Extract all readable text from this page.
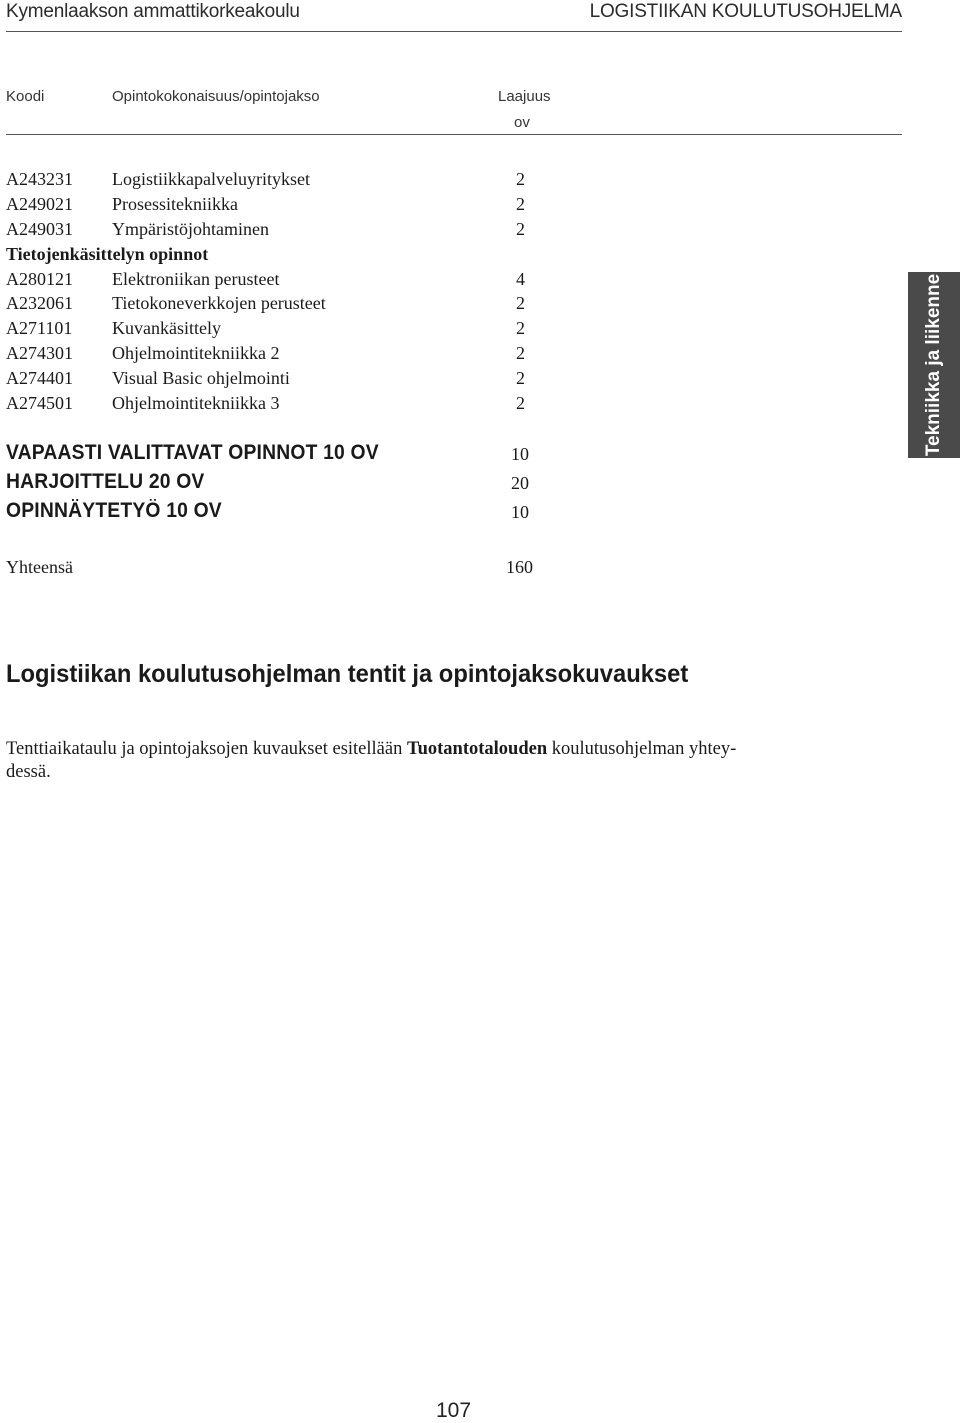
Kymenlaakson ammattikorkeakoulu	LOGISTIIKAN KOULUTUSOHJELMA
Koodi	Opintokokonaisuus/opintojakso	Laajuus
ov
A243231 Logistiikkapalveluyritykset	2
A249021 Prosessitekniikka	2
A249031 Ympäristöjohtaminen	2
Tietojenkäsittelyn opinnot
A280121 Elektroniikan perusteet	4
A232061 Tietokoneverkkojen perusteet	2
A271101 Kuvankäsittely	2
A274301 Ohjelmointitekniikka 2	2
A274401 Visual Basic ohjelmointi	2
A274501 Ohjelmointitekniikka 3	2
VAPAASTI VALITTAVAT OPINNOT 10 OV	10
HARJOITTELU 20 OV	20
OPINNÄYTETYÖ 10 OV	10
Yhteensä	160
Logistiikan koulutusohjelman tentit ja opintojaksokuvaukset
Tenttiaikataulu ja opintojaksojen kuvaukset esitellään Tuotantotalouden koulutusohjelman yhtey-
dessä.
Tekniikka ja liikenne
107
